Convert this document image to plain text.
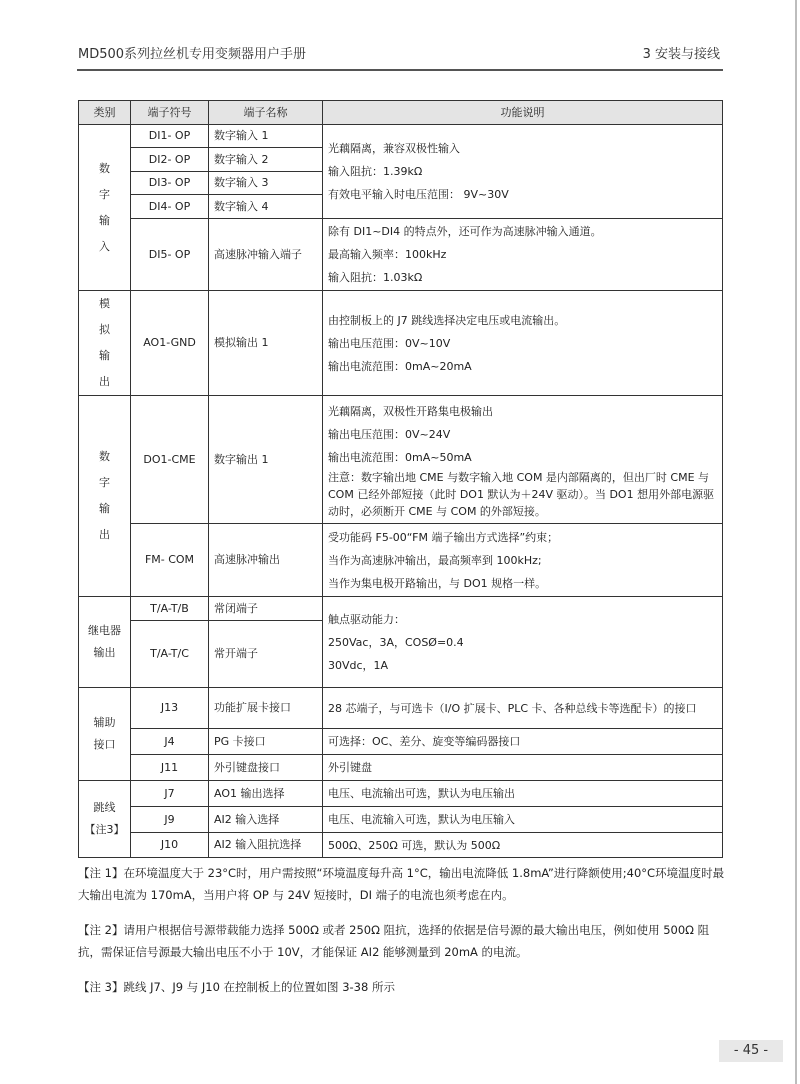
MD500系列拉丝机专用变频器用户手册	3 安装与接线
类别	端子符号	端子名称	功能说明

数
字
输
入	DI1- OP	数字输入 1	光藕隔离，兼容双极性输入
输入阻抗：1.39kΩ
有效电平输入时电压范围： 9V~30V

	DI2- OP	数字输入 2	
	DI3- OP	数字输入 3	
	DI4- OP	数字输入 4	
	DI5- OP	高速脉冲输入端子	除有 DI1~DI4 的特点外，还可作为高速脉冲输入通道。
最高输入频率：100kHz
输入阻抗：1.03kΩ

模
拟
输
出	AO1-GND	模拟输出 1	由控制板上的 J7 跳线选择决定电压或电流输出。
输出电压范围：0V~10V
输出电流范围：0mA~20mA

数
字
输
出	DO1-CME	数字输出 1	光藕隔离，双极性开路集电极输出
输出电压范围：0V~24V
输出电流范围：0mA~50mA
注意：数字输出地 CME 与数字输入地 COM 是内部隔离的，但出厂时 CME 与 COM 已经外部短接（此时 DO1 默认为＋24V 驱动）。当 DO1 想用外部电源驱动时，必须断开 CME 与 COM 的外部短接。

	FM- COM	高速脉冲输出	受功能码 F5-00“FM 端子输出方式选择”约束；
当作为高速脉冲输出，最高频率到 100kHz;
当作为集电极开路输出，与 DO1 规格一样。

继电器
输出	T/A-T/B	常闭端子	触点驱动能力：
250Vac，3A，COSØ=0.4
30Vdc，1A

	T/A-T/C	常开端子	

辅助
接口	J13	功能扩展卡接口	28 芯端子，与可选卡（I/O 扩展卡、PLC 卡、各种总线卡等选配卡）的接口

	J4	PG 卡接口	可选择：OC、差分、旋变等编码器接口

	J11	外引键盘接口	外引键盘

跳线
【注3】	J7	AO1 输出选择	电压、电流输出可选，默认为电压输出

	J9	AI2 输入选择	电压、电流输入可选，默认为电压输入

	J10	AI2 输入阻抗选择	500Ω、250Ω 可选，默认为 500Ω

【注 1】在环境温度大于 23°C时，用户需按照“环境温度每升高 1°C，输出电流降低 1.8mA”进行降额使用;40°C环境温度时最大输出电流为 170mA，当用户将 OP 与 24V 短接时，DI 端子的电流也须考虑在内。

【注 2】请用户根据信号源带载能力选择 500Ω 或者 250Ω 阻抗，选择的依据是信号源的最大输出电压，例如使用 500Ω 阻抗，需保证信号源最大输出电压不小于 10V，才能保证 AI2 能够测量到 20mA 的电流。

【注 3】跳线 J7、J9 与 J10 在控制板上的位置如图 3-38 所示

- 45 -
